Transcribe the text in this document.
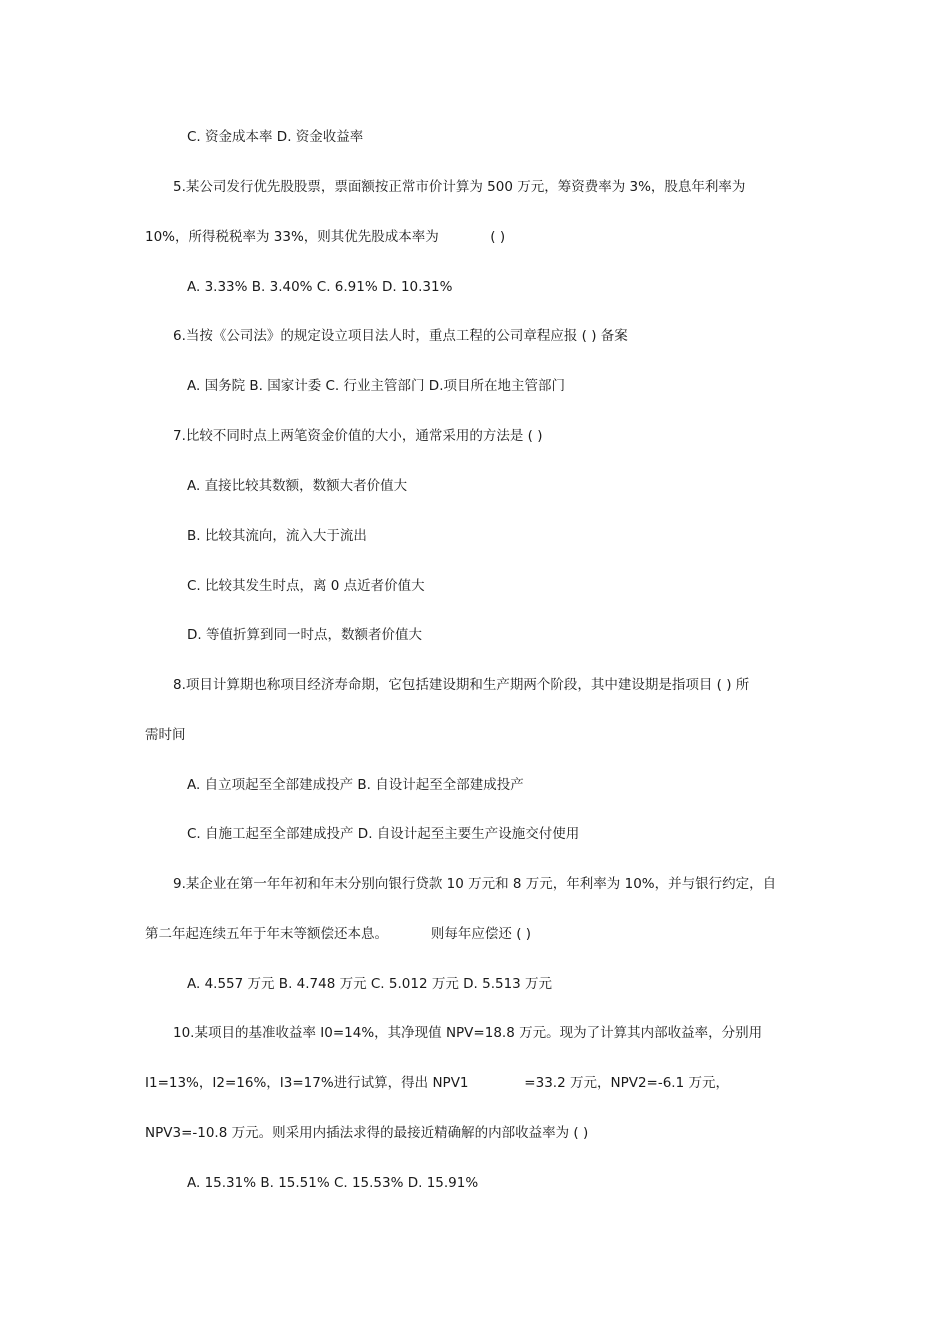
C. 资金成本率 D. 资金收益率
5.某公司发行优先股股票，票面额按正常市价计算为 500 万元，筹资费率为 3%，股息年利率为
10%，所得税税率为 33%，则其优先股成本率为            ( )
A. 3.33% B. 3.40% C. 6.91% D. 10.31%
6.当按《公司法》的规定设立项目法人时，重点工程的公司章程应报 ( ) 备案
A. 国务院 B. 国家计委 C. 行业主管部门 D.项目所在地主管部门
7.比较不同时点上两笔资金价值的大小，通常采用的方法是 ( )
A. 直接比较其数额，数额大者价值大
B. 比较其流向，流入大于流出
C. 比较其发生时点，离 0 点近者价值大
D. 等值折算到同一时点，数额者价值大
8.项目计算期也称项目经济寿命期，它包括建设期和生产期两个阶段，其中建设期是指项目 ( ) 所
需时间
A. 自立项起至全部建成投产 B. 自设计起至全部建成投产
C. 自施工起至全部建成投产 D. 自设计起至主要生产设施交付使用
9.某企业在第一年年初和年末分别向银行贷款 10 万元和 8 万元，年利率为 10%，并与银行约定，自
第二年起连续五年于年末等额偿还本息。          则每年应偿还 ( )
A. 4.557 万元 B. 4.748 万元 C. 5.012 万元 D. 5.513 万元
10.某项目的基准收益率 I0=14%，其净现值 NPV=18.8 万元。现为了计算其内部收益率，分别用
I1=13%，I2=16%，I3=17%进行试算，得出 NPV1             =33.2 万元，NPV2=-6.1 万元，
NPV3=-10.8 万元。则采用内插法求得的最接近精确解的内部收益率为 ( )
A. 15.31% B. 15.51% C. 15.53% D. 15.91%
